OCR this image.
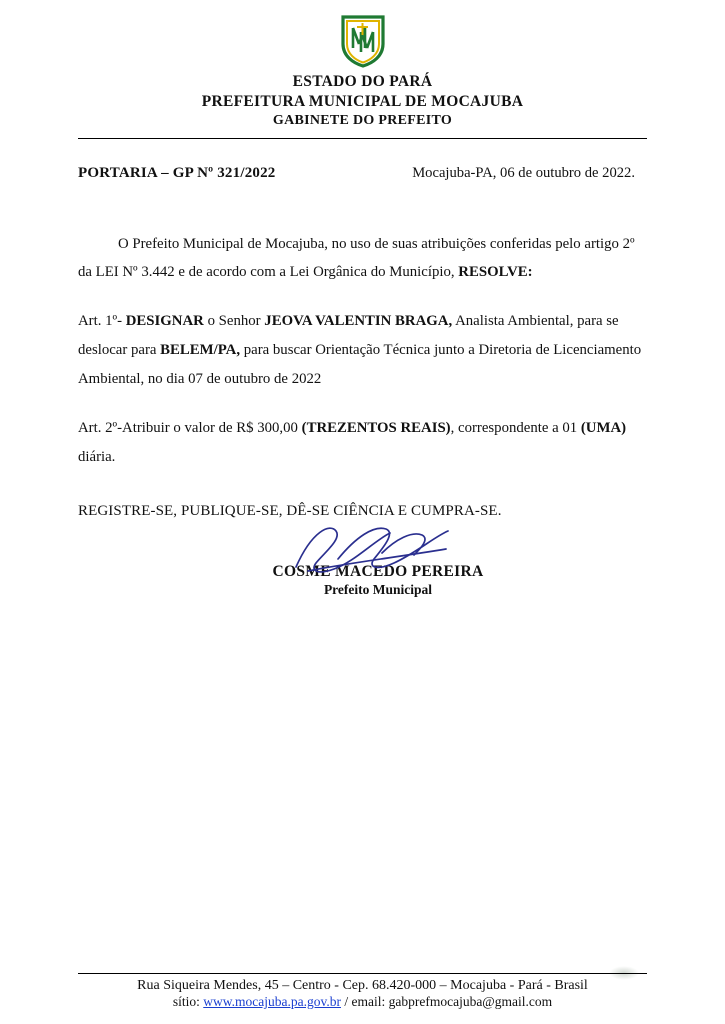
ESTADO DO PARÁ
PREFEITURA MUNICIPAL DE MOCAJUBA
GABINETE DO PREFEITO
PORTARIA – GP Nº 321/2022	Mocajuba-PA, 06 de outubro de 2022.
O Prefeito Municipal de Mocajuba, no uso de suas atribuições conferidas pelo artigo 2º da LEI Nº 3.442 e de acordo com a Lei Orgânica do Município, RESOLVE:
Art. 1º- DESIGNAR o Senhor JEOVA VALENTIN BRAGA, Analista Ambiental, para se deslocar para BELEM/PA, para buscar Orientação Técnica junto a Diretoria de Licenciamento Ambiental, no dia 07 de outubro de 2022
Art. 2º-Atribuir o valor de R$ 300,00 (TREZENTOS REAIS), correspondente a 01 (UMA) diária.
REGISTRE-SE, PUBLIQUE-SE, DÊ-SE CIÊNCIA E CUMPRA-SE.
COSME MACEDO PEREIRA
Prefeito Municipal
Rua Siqueira Mendes, 45 – Centro - Cep. 68.420-000 – Mocajuba - Pará - Brasil
sítio: www.mocajuba.pa.gov.br / email: gabprefmocajuba@gmail.com
